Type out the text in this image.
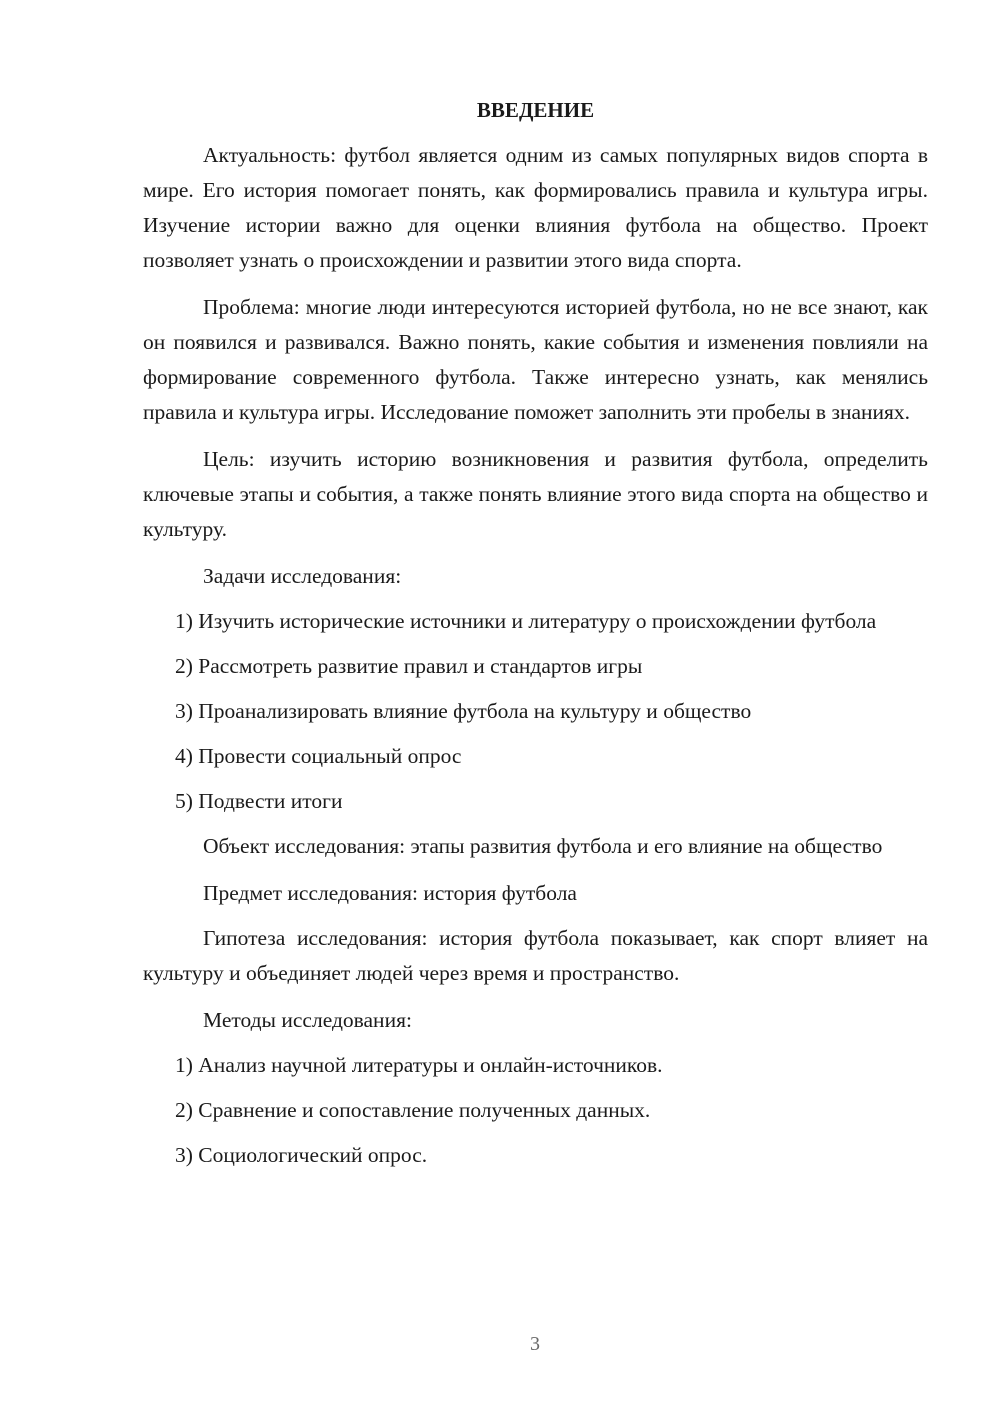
ВВЕДЕНИЕ

Актуальность: футбол является одним из самых популярных видов спорта в мире. Его история помогает понять, как формировались правила и культура игры. Изучение истории важно для оценки влияния футбола на общество. Проект позволяет узнать о происхождении и развитии этого вида спорта.

Проблема: многие люди интересуются историей футбола, но не все знают, как он появился и развивался. Важно понять, какие события и изменения повлияли на формирование современного футбола. Также интересно узнать, как менялись правила и культура игры. Исследование поможет заполнить эти пробелы в знаниях.

Цель: изучить историю возникновения и развития футбола, определить ключевые этапы и события, а также понять влияние этого вида спорта на общество и культуру.

Задачи исследования:

1) Изучить исторические источники и литературу о происхождении футбола

2) Рассмотреть развитие правил и стандартов игры

3) Проанализировать влияние футбола на культуру и общество

4) Провести социальный опрос

5) Подвести итоги

Объект исследования: этапы развития футбола и его влияние на общество

Предмет исследования: история футбола

Гипотеза исследования: история футбола показывает, как спорт влияет на культуру и объединяет людей через время и пространство.

Методы исследования:

1) Анализ научной литературы и онлайн-источников.

2) Сравнение и сопоставление полученных данных.

3) Социологический опрос.

3
